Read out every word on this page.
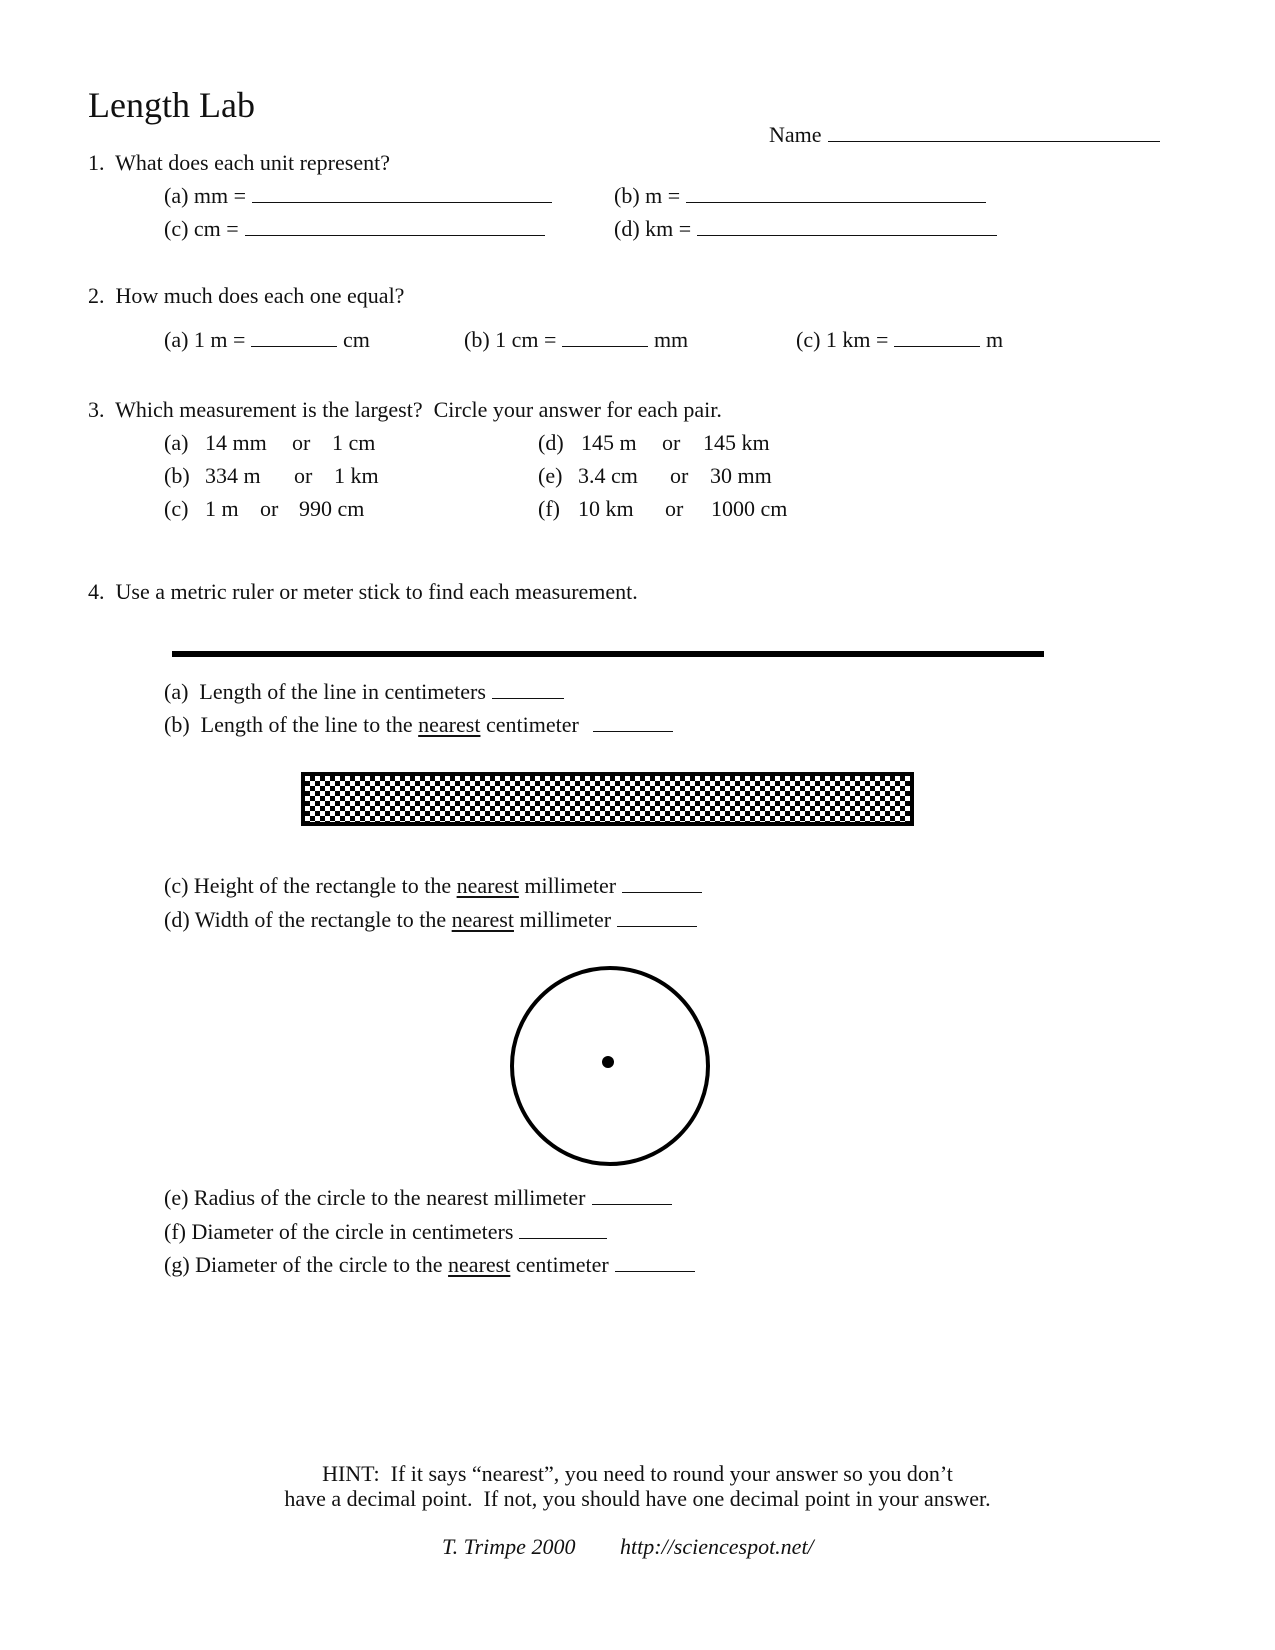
Length Lab

Name

1.  What does each unit represent?
(a) mm =	(b) m =
(c) cm =	(d) km =
2.  How much does each one equal?
(a) 1 m =	cm	(b) 1 cm =	mm	(c) 1 km =	m
3.  Which measurement is the largest?  Circle your answer for each pair.
(a) 14 mm or 1 cm
(b) 334 m or 1 km
(c) 1 m or 990 cm
(d) 145 m or 145 km
(e) 3.4 cm or 30 mm
(f) 10 km or 1000 cm
4.  Use a metric ruler or meter stick to find each measurement.
(a)  Length of the line in centimeters
(b)  Length of the line to the nearest centimeter
(c) Height of the rectangle to the nearest millimeter
(d) Width of the rectangle to the nearest millimeter
(e) Radius of the circle to the nearest millimeter
(f) Diameter of the circle in centimeters
(g) Diameter of the circle to the nearest centimeter
HINT:  If it says “nearest”, you need to round your answer so you don’t
have a decimal point.  If not, you should have one decimal point in your answer.
T. Trimpe 2000 http://sciencespot.net/
